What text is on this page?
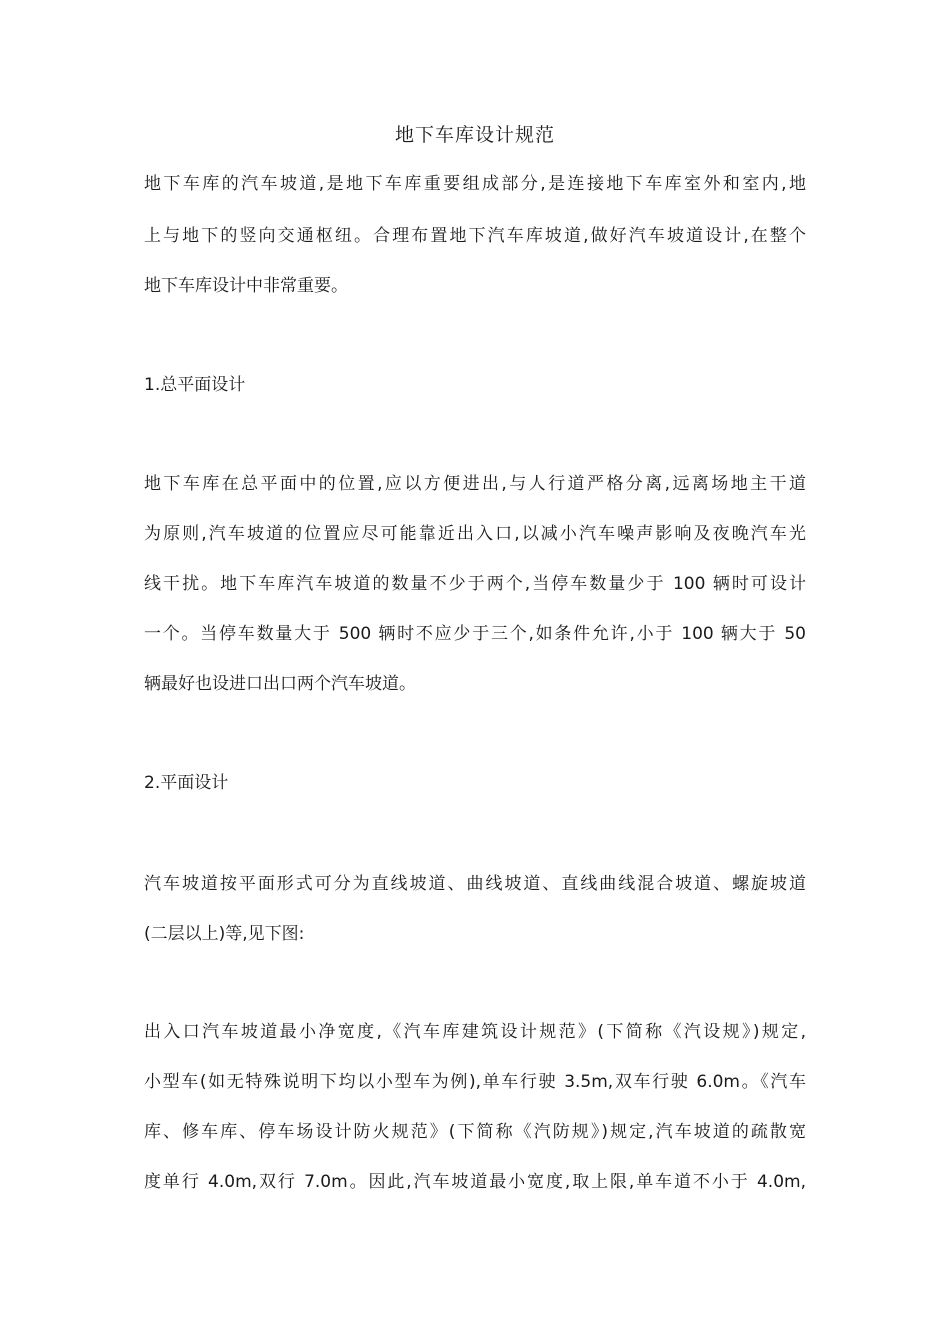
地下车库设计规范
地下车库的汽车坡道,是地下车库重要组成部分,是连接地下车库室外和室内,地
上与地下的竖向交通枢纽。合理布置地下汽车库坡道,做好汽车坡道设计,在整个
地下车库设计中非常重要。
1.总平面设计
地下车库在总平面中的位置,应以方便进出,与人行道严格分离,远离场地主干道
为原则,汽车坡道的位置应尽可能靠近出入口,以减小汽车噪声影响及夜晚汽车光
线干扰。地下车库汽车坡道的数量不少于两个,当停车数量少于 100 辆时可设计
一个。当停车数量大于 500 辆时不应少于三个,如条件允许,小于 100 辆大于 50
辆最好也设进口出口两个汽车坡道。
2.平面设计
汽车坡道按平面形式可分为直线坡道、曲线坡道、直线曲线混合坡道、螺旋坡道
(二层以上)等,见下图:
出入口汽车坡道最小净宽度,《汽车库建筑设计规范》(下简称《汽设规》)规定,
小型车(如无特殊说明下均以小型车为例),单车行驶 3.5m,双车行驶 6.0m。《汽车
库、修车库、停车场设计防火规范》(下简称《汽防规》)规定,汽车坡道的疏散宽
度单行 4.0m,双行 7.0m。因此,汽车坡道最小宽度,取上限,单车道不小于 4.0m,
